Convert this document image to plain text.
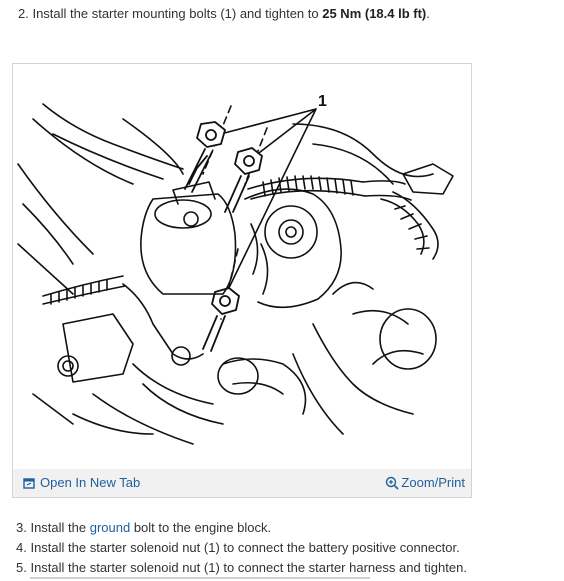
2. Install the starter mounting bolts (1) and tighten to 25 Nm (18.4 lb ft).
1
Open In New Tab	Zoom/Print
3. Install the ground bolt to the engine block.
4. Install the starter solenoid nut (1) to connect the battery positive connector.
5. Install the starter solenoid nut (1) to connect the starter harness and tighten.
